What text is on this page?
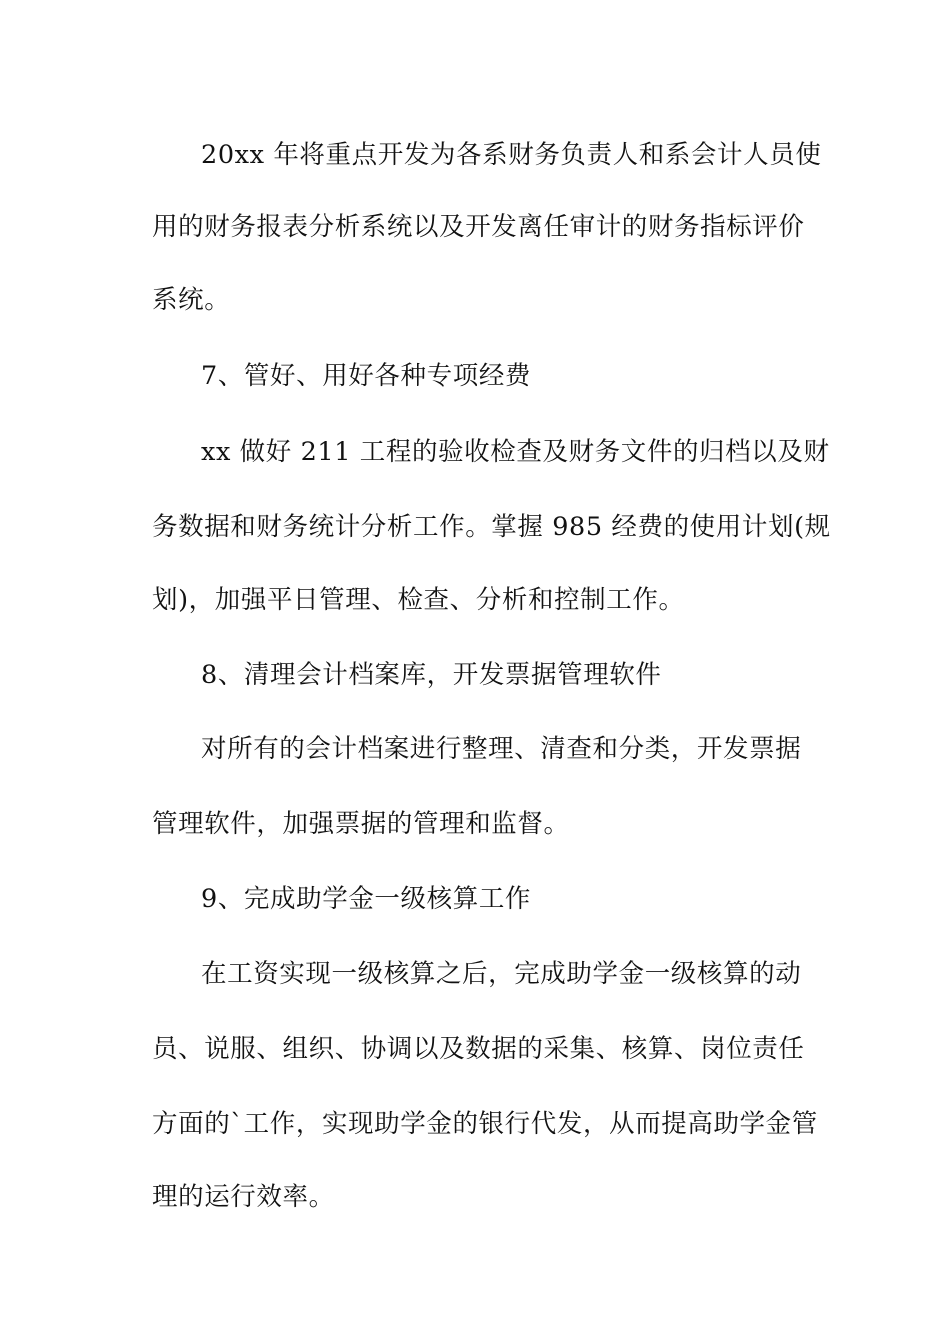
20xx 年将重点开发为各系财务负责人和系会计人员使
用的财务报表分析系统以及开发离任审计的财务指标评价
系统。
7、管好、用好各种专项经费
xx 做好 211 工程的验收检查及财务文件的归档以及财
务数据和财务统计分析工作。掌握 985 经费的使用计划(规
划)，加强平日管理、检查、分析和控制工作。
8、清理会计档案库，开发票据管理软件
对所有的会计档案进行整理、清查和分类，开发票据
管理软件，加强票据的管理和监督。
9、完成助学金一级核算工作
在工资实现一级核算之后，完成助学金一级核算的动
员、说服、组织、协调以及数据的采集、核算、岗位责任
方面的`工作，实现助学金的银行代发，从而提高助学金管
理的运行效率。
